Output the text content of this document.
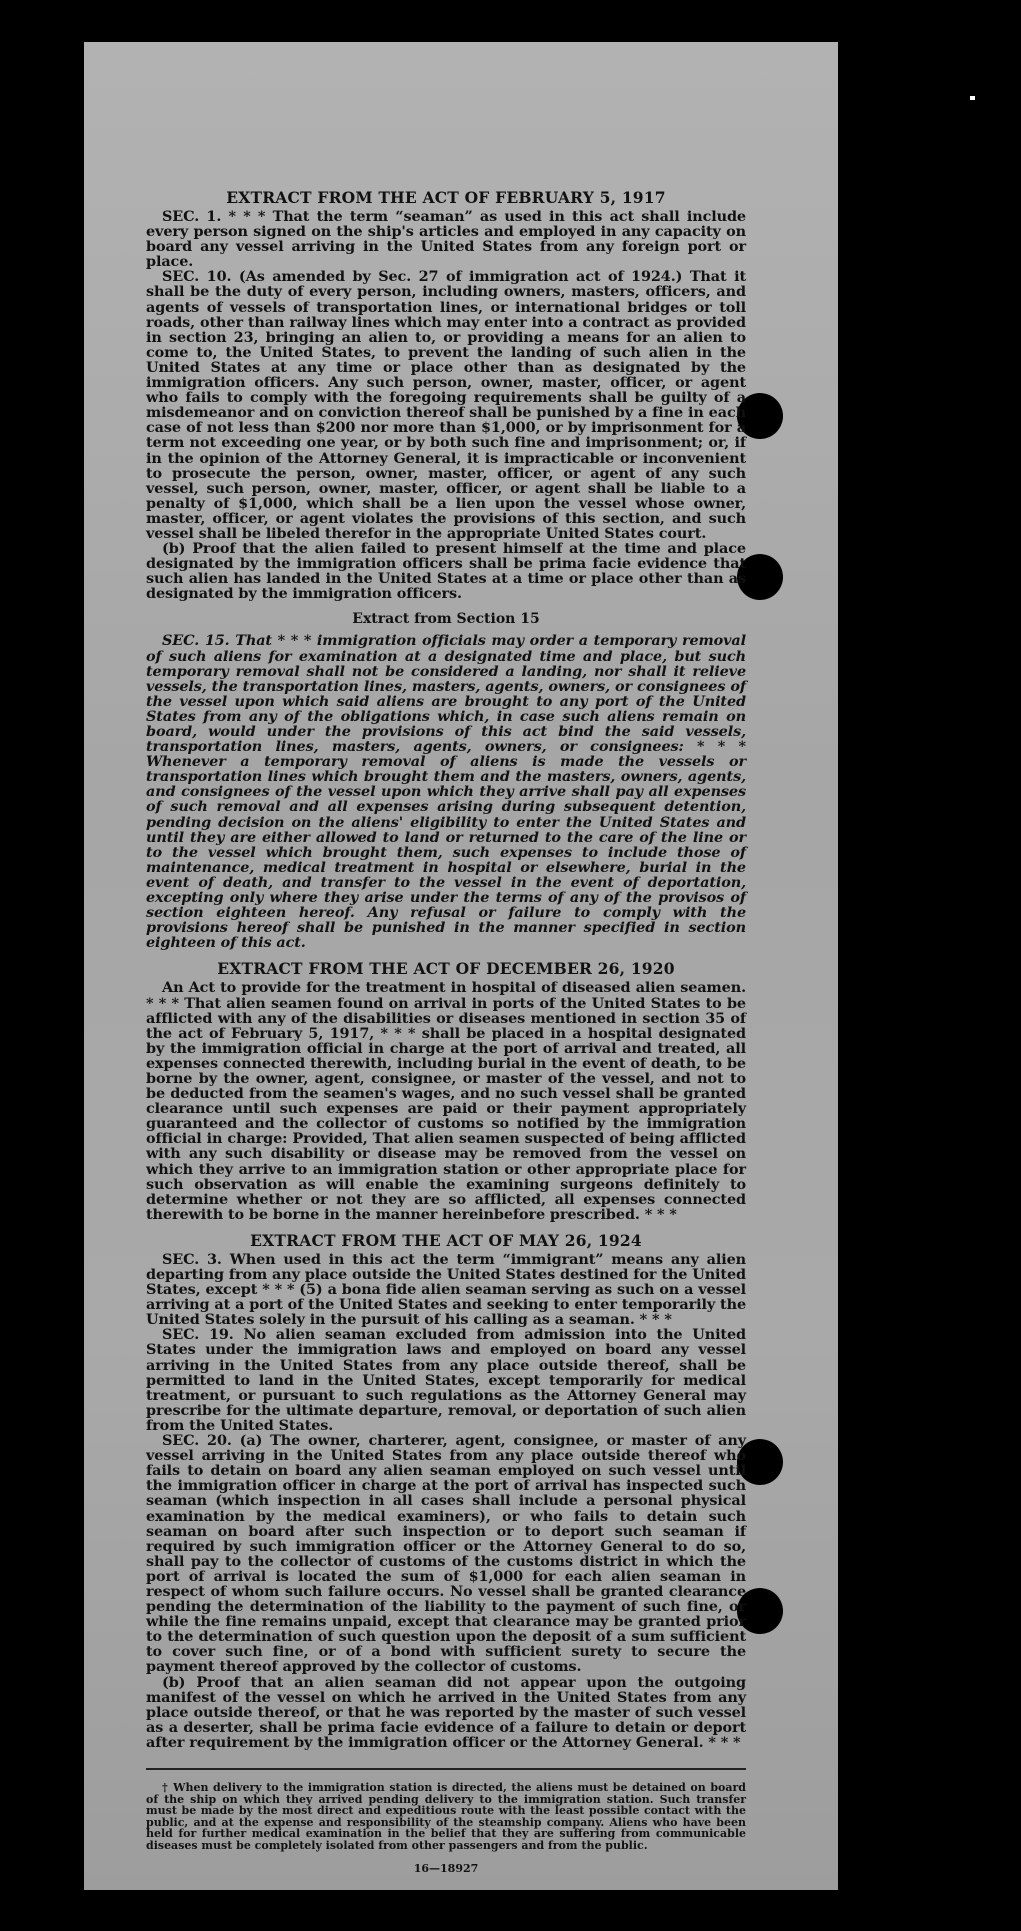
EXTRACT FROM THE ACT OF FEBRUARY 5, 1917

SEC. 1. * * * That the term “seaman” as used in this act shall include every person signed on the ship's articles and employed in any capacity on board any vessel arriving in the United States from any foreign port or place.

SEC. 10. (As amended by Sec. 27 of immigration act of 1924.) That it shall be the duty of every person, including owners, masters, officers, and agents of vessels of transportation lines, or international bridges or toll roads, other than railway lines which may enter into a contract as provided in section 23, bringing an alien to, or providing a means for an alien to come to, the United States, to prevent the landing of such alien in the United States at any time or place other than as designated by the immigration officers. Any such person, owner, master, officer, or agent who fails to comply with the foregoing requirements shall be guilty of a misdemeanor and on conviction thereof shall be punished by a fine in each case of not less than $200 nor more than $1,000, or by imprisonment for a term not exceeding one year, or by both such fine and imprisonment; or, if in the opinion of the Attorney General, it is impracticable or inconvenient to prosecute the person, owner, master, officer, or agent of any such vessel, such person, owner, master, officer, or agent shall be liable to a penalty of $1,000, which shall be a lien upon the vessel whose owner, master, officer, or agent violates the provisions of this section, and such vessel shall be libeled therefor in the appropriate United States court.

(b) Proof that the alien failed to present himself at the time and place designated by the immigration officers shall be prima facie evidence that such alien has landed in the United States at a time or place other than as designated by the immigration officers.

Extract from Section 15

SEC. 15. That * * * immigration officials may order a temporary removal of such aliens for examination at a designated time and place, but such temporary removal shall not be considered a landing, nor shall it relieve vessels, the transportation lines, masters, agents, owners, or consignees of the vessel upon which said aliens are brought to any port of the United States from any of the obligations which, in case such aliens remain on board, would under the provisions of this act bind the said vessels, transportation lines, masters, agents, owners, or consignees: * * * Whenever a temporary removal of aliens is made the vessels or transportation lines which brought them and the masters, owners, agents, and consignees of the vessel upon which they arrive shall pay all expenses of such removal and all expenses arising during subsequent detention, pending decision on the aliens' eligibility to enter the United States and until they are either allowed to land or returned to the care of the line or to the vessel which brought them, such expenses to include those of maintenance, medical treatment in hospital or elsewhere, burial in the event of death, and transfer to the vessel in the event of deportation, excepting only where they arise under the terms of any of the provisos of section eighteen hereof. Any refusal or failure to comply with the provisions hereof shall be punished in the manner specified in section eighteen of this act.

EXTRACT FROM THE ACT OF DECEMBER 26, 1920

An Act to provide for the treatment in hospital of diseased alien seamen. * * * That alien seamen found on arrival in ports of the United States to be afflicted with any of the disabilities or diseases mentioned in section 35 of the act of February 5, 1917, * * * shall be placed in a hospital designated by the immigration official in charge at the port of arrival and treated, all expenses connected therewith, including burial in the event of death, to be borne by the owner, agent, consignee, or master of the vessel, and not to be deducted from the seamen's wages, and no such vessel shall be granted clearance until such expenses are paid or their payment appropriately guaranteed and the collector of customs so notified by the immigration official in charge: Provided, That alien seamen suspected of being afflicted with any such disability or disease may be removed from the vessel on which they arrive to an immigration station or other appropriate place for such observation as will enable the examining surgeons definitely to determine whether or not they are so afflicted, all expenses connected therewith to be borne in the manner hereinbefore prescribed. * * *

EXTRACT FROM THE ACT OF MAY 26, 1924

SEC. 3. When used in this act the term “immigrant” means any alien departing from any place outside the United States destined for the United States, except * * * (5) a bona fide alien seaman serving as such on a vessel arriving at a port of the United States and seeking to enter temporarily the United States solely in the pursuit of his calling as a seaman. * * *

SEC. 19. No alien seaman excluded from admission into the United States under the immigration laws and employed on board any vessel arriving in the United States from any place outside thereof, shall be permitted to land in the United States, except temporarily for medical treatment, or pursuant to such regulations as the Attorney General may prescribe for the ultimate departure, removal, or deportation of such alien from the United States.

SEC. 20. (a) The owner, charterer, agent, consignee, or master of any vessel arriving in the United States from any place outside thereof who fails to detain on board any alien seaman employed on such vessel until the immigration officer in charge at the port of arrival has inspected such seaman (which inspection in all cases shall include a personal physical examination by the medical examiners), or who fails to detain such seaman on board after such inspection or to deport such seaman if required by such immigration officer or the Attorney General to do so, shall pay to the collector of customs of the customs district in which the port of arrival is located the sum of $1,000 for each alien seaman in respect of whom such failure occurs. No vessel shall be granted clearance pending the determination of the liability to the payment of such fine, or while the fine remains unpaid, except that clearance may be granted prior to the determination of such question upon the deposit of a sum sufficient to cover such fine, or of a bond with sufficient surety to secure the payment thereof approved by the collector of customs.

(b) Proof that an alien seaman did not appear upon the outgoing manifest of the vessel on which he arrived in the United States from any place outside thereof, or that he was reported by the master of such vessel as a deserter, shall be prima facie evidence of a failure to detain or deport after requirement by the immigration officer or the Attorney General. * * *

† When delivery to the immigration station is directed, the aliens must be detained on board of the ship on which they arrived pending delivery to the immigration station. Such transfer must be made by the most direct and expeditious route with the least possible contact with the public, and at the expense and responsibility of the steamship company. Aliens who have been held for further medical examination in the belief that they are suffering from communicable diseases must be completely isolated from other passengers and from the public.

16—18927
